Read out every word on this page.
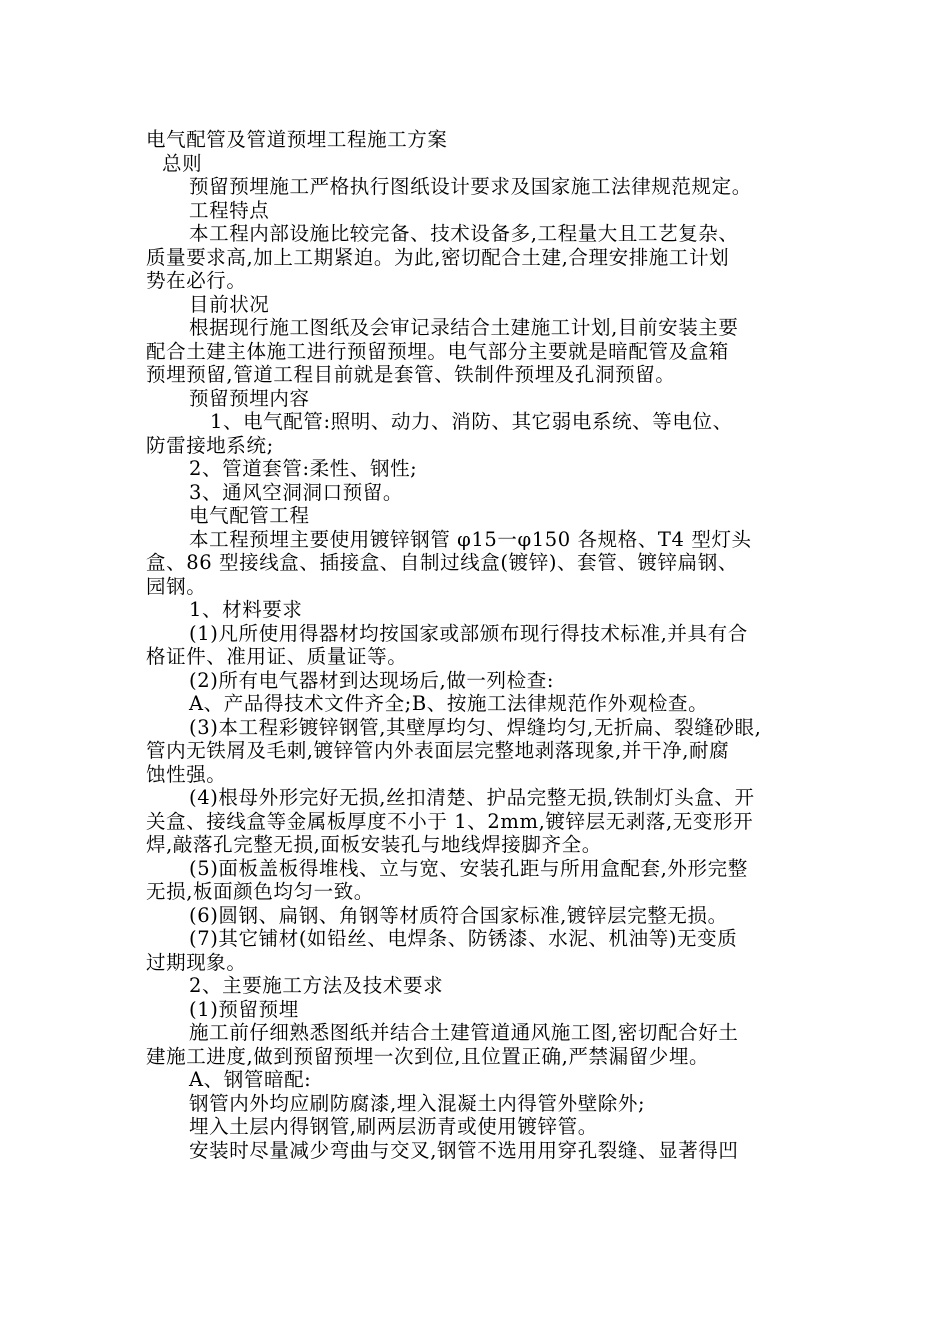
电气配管及管道预埋工程施工方案
总则
预留预埋施工严格执行图纸设计要求及国家施工法律规范规定。
工程特点
本工程内部设施比较完备、技术设备多,工程量大且工艺复杂、
质量要求高,加上工期紧迫。为此,密切配合土建,合理安排施工计划
势在必行。
目前状况
根据现行施工图纸及会审记录结合土建施工计划,目前安装主要
配合土建主体施工进行预留预埋。电气部分主要就是暗配管及盒箱
预埋预留,管道工程目前就是套管、铁制件预埋及孔洞预留。
预留预埋内容
1、电气配管:照明、动力、消防、其它弱电系统、等电位、
防雷接地系统;
2、管道套管:柔性、钢性;
3、通风空洞洞口预留。
电气配管工程
本工程预埋主要使用镀锌钢管 φ15一φ150 各规格、T4 型灯头
盒、86 型接线盒、插接盒、自制过线盒(镀锌)、套管、镀锌扁钢、
园钢。
1、材料要求
(1)凡所使用得器材均按国家或部颁布现行得技术标准,并具有合
格证件、准用证、质量证等。
(2)所有电气器材到达现场后,做一列检查:
A、产品得技术文件齐全;B、按施工法律规范作外观检查。
(3)本工程彩镀锌钢管,其壁厚均匀、焊缝均匀,无折扁、裂缝砂眼,
管内无铁屑及毛刺,镀锌管内外表面层完整地剥落现象,并干净,耐腐
蚀性强。
(4)根母外形完好无损,丝扣清楚、护品完整无损,铁制灯头盒、开
关盒、接线盒等金属板厚度不小于 1、2mm,镀锌层无剥落,无变形开
焊,敲落孔完整无损,面板安装孔与地线焊接脚齐全。
(5)面板盖板得堆栈、立与宽、安装孔距与所用盒配套,外形完整
无损,板面颜色均匀一致。
(6)圆钢、扁钢、角钢等材质符合国家标准,镀锌层完整无损。
(7)其它铺材(如铅丝、电焊条、防锈漆、水泥、机油等)无变质
过期现象。
2、主要施工方法及技术要求
(1)预留预埋
施工前仔细熟悉图纸并结合土建管道通风施工图,密切配合好土
建施工进度,做到预留预埋一次到位,且位置正确,严禁漏留少埋。
A、钢管暗配:
钢管内外均应刷防腐漆,埋入混凝土内得管外壁除外;
埋入土层内得钢管,刷两层沥青或使用镀锌管。
安装时尽量减少弯曲与交叉,钢管不选用用穿孔裂缝、显著得凹
